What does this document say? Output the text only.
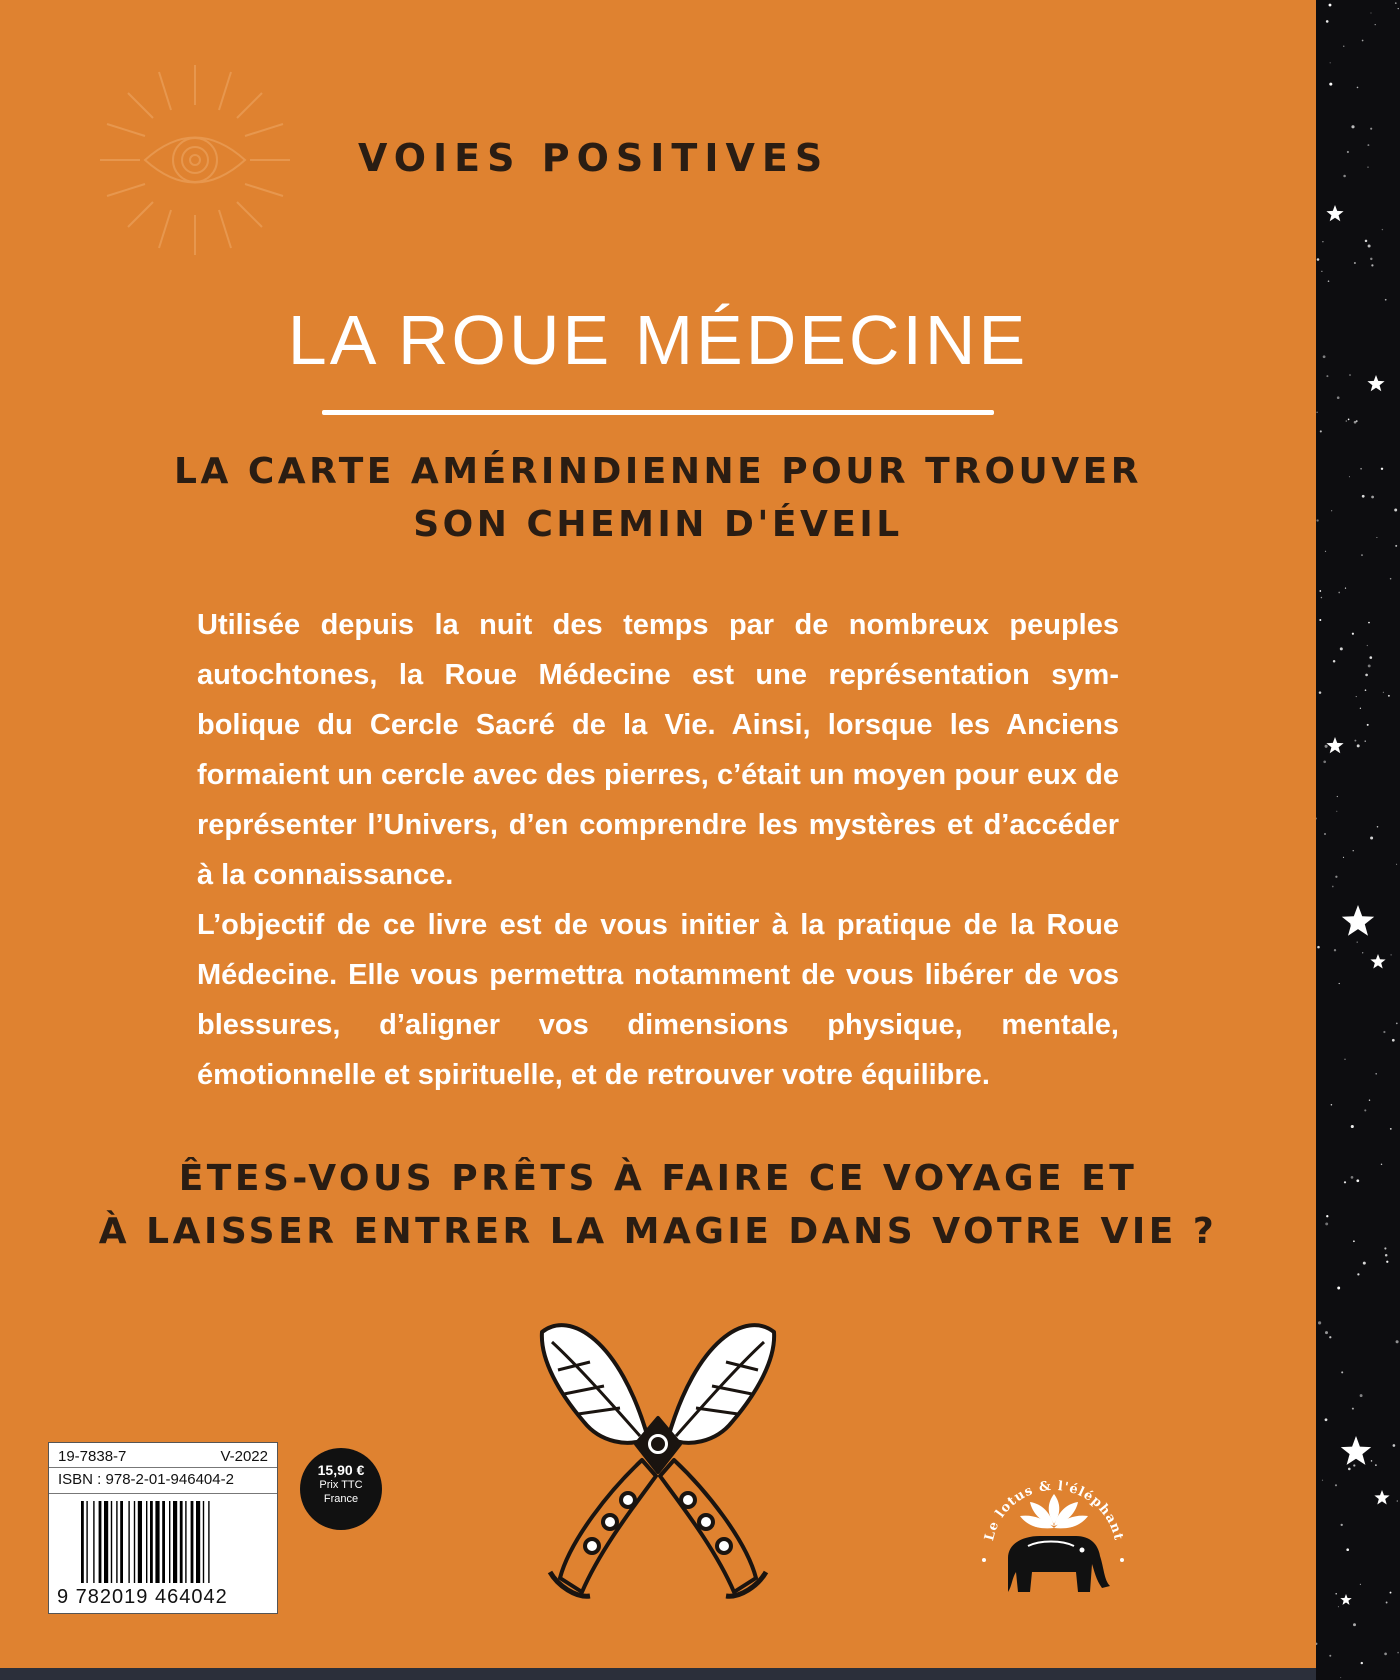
VOIES POSITIVES
LA ROUE MÉDECINE
LA CARTE AMÉRINDIENNE POUR TROUVER
SON CHEMIN D'ÉVEIL

Utilisée depuis la nuit des temps par de nombreux peuples autochtones, la Roue Médecine est une représentation sym- bolique du Cercle Sacré de la Vie. Ainsi, lorsque les Anciens formaient un cercle avec des pierres, c’était un moyen pour eux de représenter l’Univers, d’en comprendre les mystères et d’accéder à la connaissance.

L’objectif de ce livre est de vous initier à la pratique de la Roue Médecine. Elle vous permettra notamment de vous libérer de vos blessures, d’aligner vos dimensions physique, mentale, émotionnelle et spirituelle, et de retrouver votre équilibre.

ÊTES-VOUS PRÊTS À FAIRE CE VOYAGE ET
À LAISSER ENTRER LA MAGIE DANS VOTRE VIE ?
19-7838-7	V-2022
ISBN : 978-2-01-946404-2
9 782019 464042
15,90 €
Prix TTC
France
Le lotus & l'éléphant
